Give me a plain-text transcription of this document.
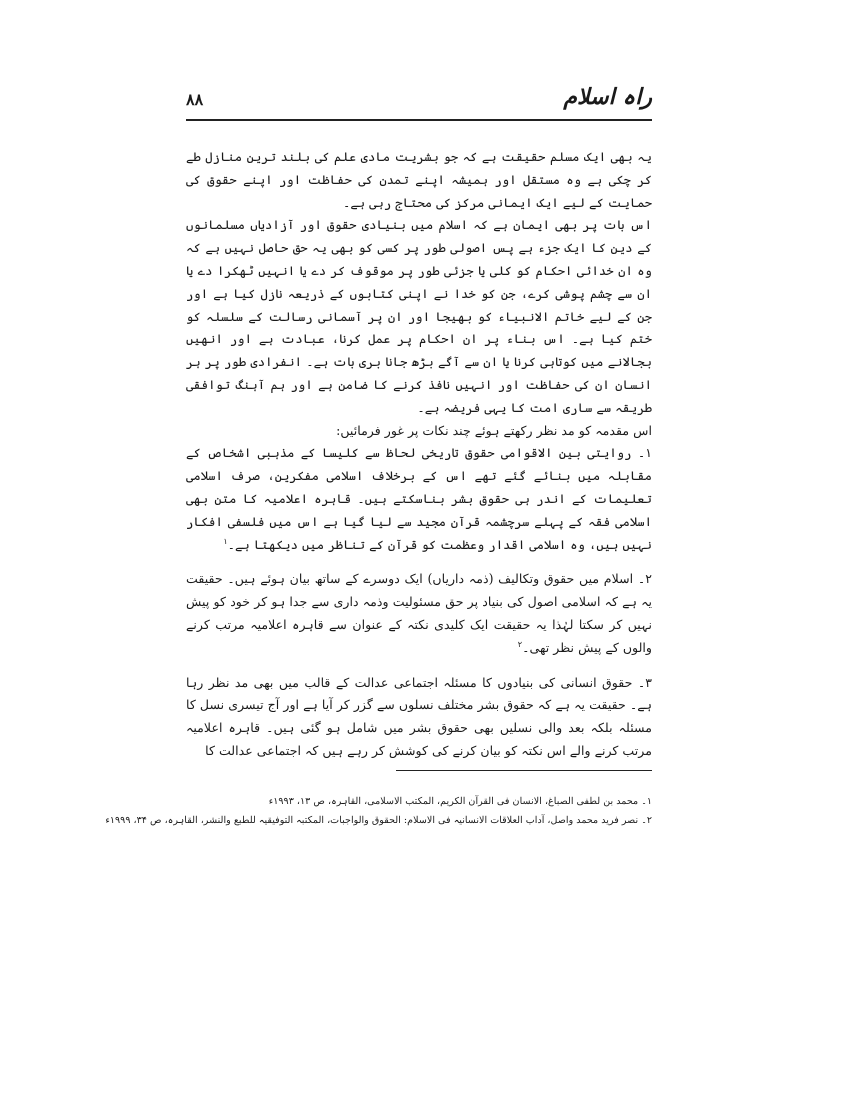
راہ اسلام
۸۸

یہ بھی ایک مسلم حقیقت ہے کہ جو بشریت مادی علم کی بلند ترین منازل طے کر چکی ہے وہ مستقل اور ہمیشہ اپنے تمدن کی حفاظت اور اپنے حقوق کی حمایت کے لیے ایک ایمانی مرکز کی محتاج رہی ہے۔

اس بات پر بھی ایمان ہے کہ اسلام میں بنیادی حقوق اور آزادیاں مسلمانوں کے دین کا ایک جزء ہے پس اصولی طور پر کسی کو بھی یہ حق حاصل نہیں ہے کہ وہ ان خدائی احکام کو کلی یا جزئی طور پر موقوف کر دے یا انہیں ٹھکرا دے یا ان سے چشم پوشی کرے، جن کو خدا نے اپنی کتابوں کے ذریعہ نازل کیا ہے اور جن کے لیے خاتم الانبیاء کو بھیجا اور ان پر آسمانی رسالت کے سلسلہ کو ختم کیا ہے۔ اس بناء پر ان احکام پر عمل کرنا، عبادت ہے اور انھیں بجالانے میں کوتاہی کرنا یا ان سے آگے بڑھ جانا بری بات ہے۔ انفرادی طور پر ہر انسان ان کی حفاظت اور انہیں نافذ کرنے کا ضامن ہے اور ہم آہنگ توافقی طریقہ سے ساری امت کا یہی فریضہ ہے۔

اس مقدمہ کو مد نظر رکھتے ہوئے چند نکات پر غور فرمائیں:

۱۔ روایتی بین الاقوامی حقوق تاریخی لحاظ سے کلیسا کے مذہبی اشخاص کے مقابلہ میں بنائے گئے تھے اس کے برخلاف اسلامی مفکرین، صرف اسلامی تعلیمات کے اندر ہی حقوق بشر بناسکتے ہیں۔ قاہرہ اعلامیہ کا متن بھی اسلامی فقہ کے پہلے سرچشمہ قرآن مجید سے لیا گیا ہے اس میں فلسفی افکار نہیں ہیں، وہ اسلامی اقدار وعظمت کو قرآن کے تناظر میں دیکھتا ہے۔$^۱$

۲۔ اسلام میں حقوق وتکالیف (ذمہ داریاں) ایک دوسرے کے ساتھ بیان ہوئے ہیں۔ حقیقت یہ ہے کہ اسلامی اصول کی بنیاد پر حق مسئولیت وذمہ داری سے جدا ہو کر خود کو پیش نہیں کر سکتا لہٰذا یہ حقیقت ایک کلیدی نکتہ کے عنوان سے قاہرہ اعلامیہ مرتب کرنے والوں کے پیش نظر تھی۔$^۲$

۳۔ حقوق انسانی کی بنیادوں کا مسئلہ اجتماعی عدالت کے قالب میں بھی مد نظر رہا ہے۔ حقیقت یہ ہے کہ حقوق بشر مختلف نسلوں سے گزر کر آیا ہے اور آج تیسری نسل کا مسئلہ بلکہ بعد والی نسلیں بھی حقوق بشر میں شامل ہو گئی ہیں۔ قاہرہ اعلامیہ مرتب کرنے والے اس نکتہ کو بیان کرنے کی کوشش کر رہے ہیں کہ اجتماعی عدالت کا

۱۔ محمد بن لطفی الصباغ، الانسان فی القرآن الکریم، المکتب الاسلامی، القاہرہ، ص ۱۳، ۱۹۹۳ء
۲۔ نصر فرید محمد واصل، آداب العلاقات الانسانیہ فی الاسلام: الحقوق والواجبات، المکتبہ التوفیقیہ للطبع والنشر، القاہرہ، ص ۳۴، ۱۹۹۹ء
